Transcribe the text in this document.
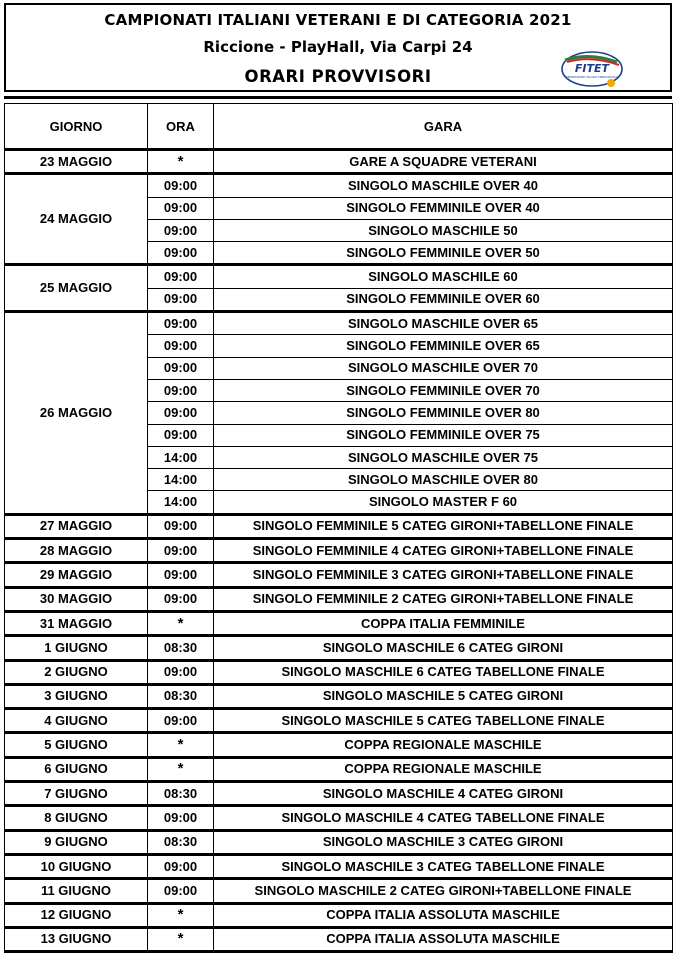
CAMPIONATI ITALIANI VETERANI E DI CATEGORIA 2021
Riccione - PlayHall, Via Carpi 24
ORARI PROVVISORI	FITET
FEDERAZIONE ITALIANA TENNISTAVOLO
GIORNO	ORA	GARA
23 MAGGIO	*	GARE A SQUADRE VETERANI
24 MAGGIO	09:00	SINGOLO MASCHILE OVER 40
	09:00	SINGOLO FEMMINILE OVER 40
	09:00	SINGOLO MASCHILE 50
	09:00	SINGOLO FEMMINILE OVER 50
25 MAGGIO	09:00	SINGOLO MASCHILE 60
	09:00	SINGOLO FEMMINILE OVER 60
26 MAGGIO	09:00	SINGOLO MASCHILE OVER 65
	09:00	SINGOLO FEMMINILE OVER 65
	09:00	SINGOLO MASCHILE OVER 70
	09:00	SINGOLO FEMMINILE OVER 70
	09:00	SINGOLO FEMMINILE OVER 80
	09:00	SINGOLO FEMMINILE OVER 75
	14:00	SINGOLO MASCHILE OVER 75
	14:00	SINGOLO MASCHILE OVER 80
	14:00	SINGOLO MASTER F 60
27 MAGGIO	09:00	SINGOLO FEMMINILE 5 CATEG GIRONI+TABELLONE FINALE
28 MAGGIO	09:00	SINGOLO FEMMINILE 4 CATEG GIRONI+TABELLONE FINALE
29 MAGGIO	09:00	SINGOLO FEMMINILE 3 CATEG GIRONI+TABELLONE FINALE
30 MAGGIO	09:00	SINGOLO FEMMINILE 2 CATEG GIRONI+TABELLONE FINALE
31 MAGGIO	*	COPPA ITALIA FEMMINILE
1 GIUGNO	08:30	SINGOLO MASCHILE 6 CATEG GIRONI
2 GIUGNO	09:00	SINGOLO MASCHILE 6 CATEG TABELLONE FINALE
3 GIUGNO	08:30	SINGOLO MASCHILE 5 CATEG GIRONI
4 GIUGNO	09:00	SINGOLO MASCHILE 5 CATEG TABELLONE FINALE
5 GIUGNO	*	COPPA REGIONALE MASCHILE
6 GIUGNO	*	COPPA REGIONALE MASCHILE
7 GIUGNO	08:30	SINGOLO MASCHILE 4 CATEG GIRONI
8 GIUGNO	09:00	SINGOLO MASCHILE 4 CATEG TABELLONE FINALE
9 GIUGNO	08:30	SINGOLO MASCHILE 3 CATEG GIRONI
10 GIUGNO	09:00	SINGOLO MASCHILE 3 CATEG TABELLONE FINALE
11 GIUGNO	09:00	SINGOLO MASCHILE 2 CATEG GIRONI+TABELLONE FINALE
12 GIUGNO	*	COPPA ITALIA ASSOLUTA MASCHILE
13 GIUGNO	*	COPPA ITALIA ASSOLUTA MASCHILE
